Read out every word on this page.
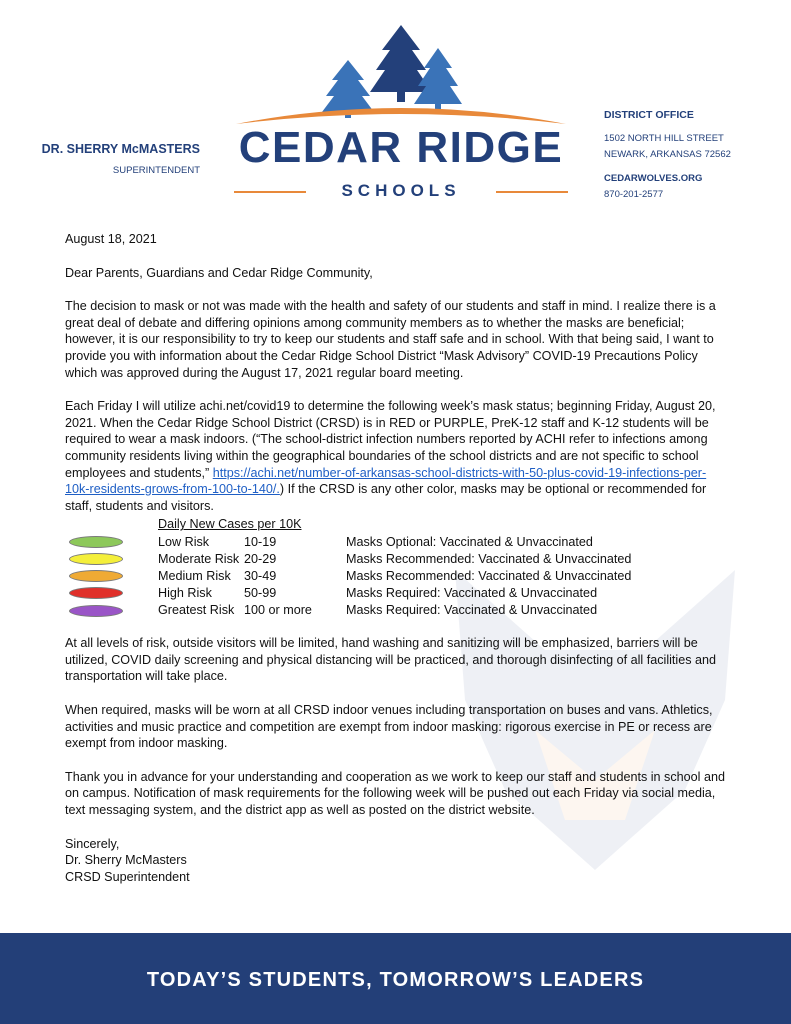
DR. SHERRY McMASTERS
SUPERINTENDENT CEDAR RIDGE
SCHOOLS
DISTRICT OFFICE
1502 NORTH HILL STREET
NEWARK, ARKANSAS 72562
CEDARWOLVES.ORG
870-201-2577

August 18, 2021

Dear Parents, Guardians and Cedar Ridge Community,

The decision to mask or not was made with the health and safety of our students and staff in mind. I realize there is a great deal of debate and differing opinions among community members as to whether the masks are beneficial; however, it is our responsibility to try to keep our students and staff safe and in school. With that being said, I want to provide you with information about the Cedar Ridge School District “Mask Advisory” COVID-19 Precautions Policy which was approved during the August 17, 2021 regular board meeting.

Each Friday I will utilize achi.net/covid19 to determine the following week’s mask status; beginning Friday, August 20, 2021. When the Cedar Ridge School District (CRSD) is in RED or PURPLE, PreK-12 staff and K-12 students will be required to wear a mask indoors. (“The school-district infection numbers reported by ACHI refer to infections among community residents living within the geographical boundaries of the school districts and are not specific to school employees and students,” https://achi.net/number-of-arkansas-school-districts-with-50-plus-covid-19-infections-per-10k-residents-grows-from-100-to-140/.) If the CRSD is any other color, masks may be optional or recommended for staff, students and visitors.

Daily New Cases per 10K
Low Risk	10-19	Masks Optional: Vaccinated & Unvaccinated
Moderate Risk 20-29	Masks Recommended: Vaccinated & Unvaccinated
Medium Risk	30-49	Masks Recommended: Vaccinated & Unvaccinated
High Risk	50-99	Masks Required: Vaccinated & Unvaccinated
Greatest Risk 100 or more	Masks Required: Vaccinated & Unvaccinated

At all levels of risk, outside visitors will be limited, hand washing and sanitizing will be emphasized, barriers will be utilized, COVID daily screening and physical distancing will be practiced, and thorough disinfecting of all facilities and transportation will take place.

When required, masks will be worn at all CRSD indoor venues including transportation on buses and vans. Athletics, activities and music practice and competition are exempt from indoor masking: rigorous exercise in PE or recess are exempt from indoor masking.

Thank you in advance for your understanding and cooperation as we work to keep our staff and students in school and on campus. Notification of mask requirements for the following week will be pushed out each Friday via social media, text messaging system, and the district app as well as posted on the district website.

Sincerely,

Dr. Sherry McMasters

CRSD Superintendent

TODAY’S STUDENTS, TOMORROW’S LEADERS
